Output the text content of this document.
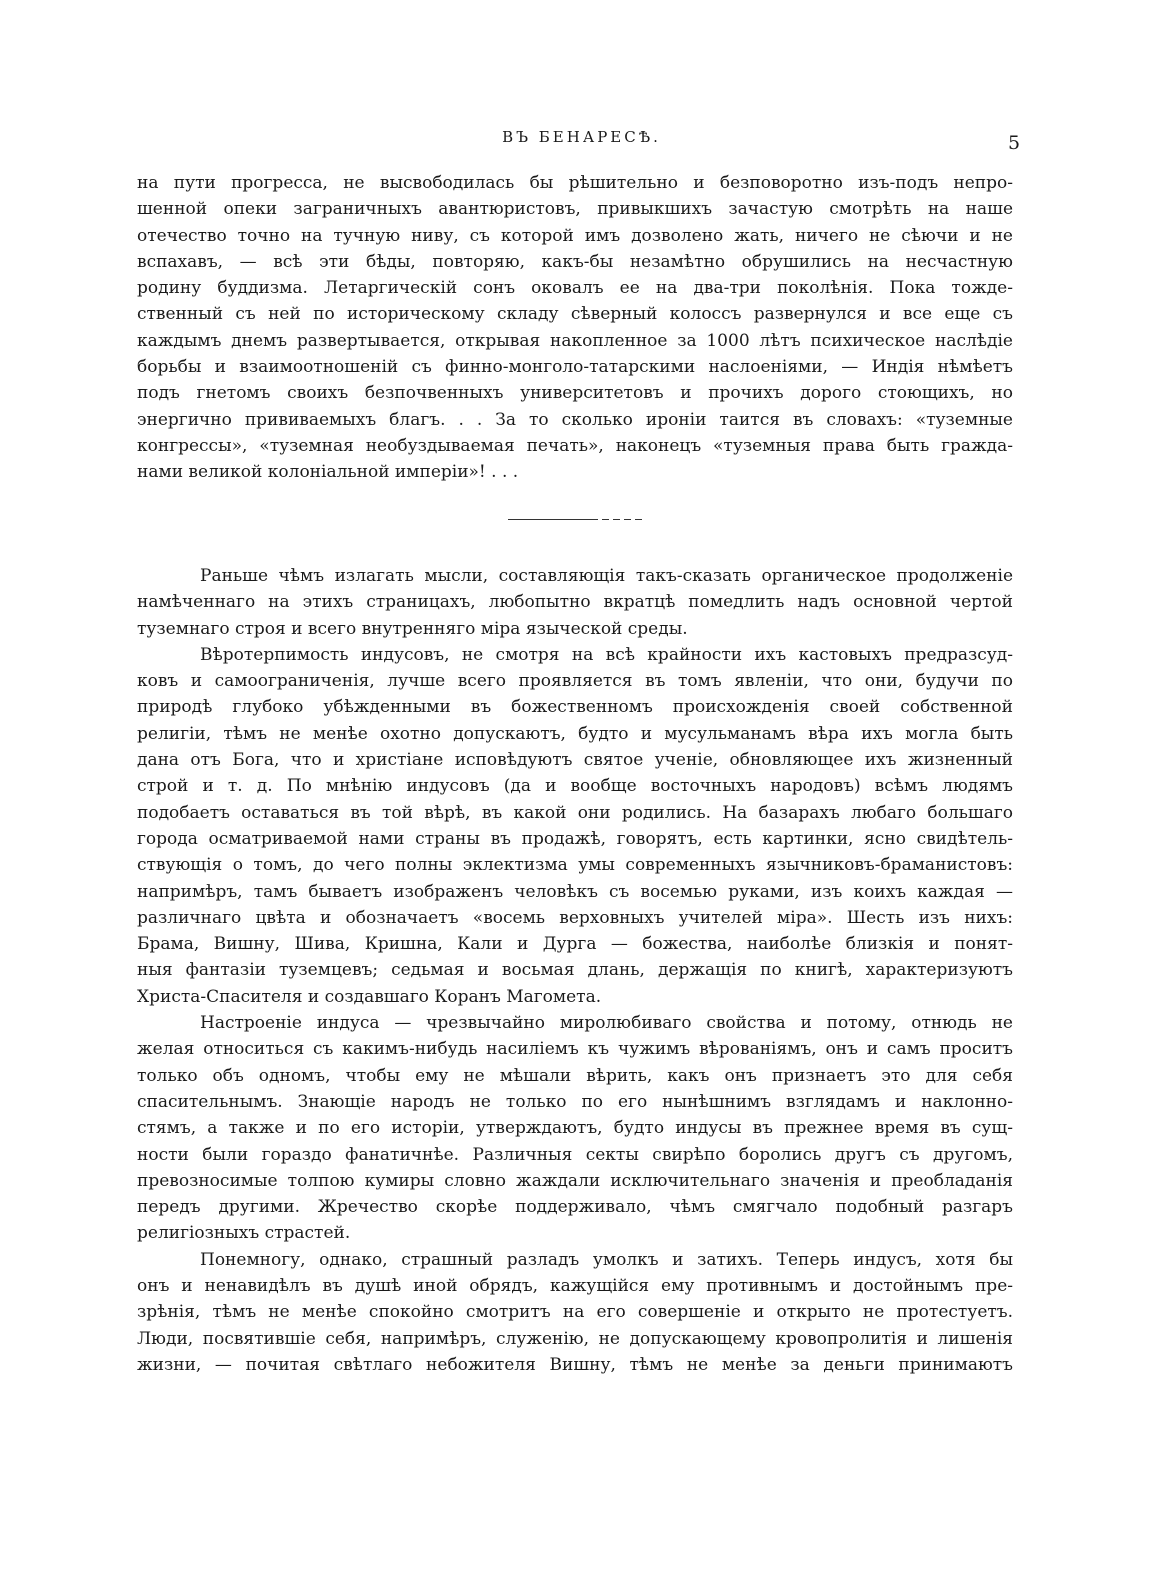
ВЪ БЕНАРЕСѢ.	5
на пути прогресса, не высвободилась бы рѣшительно и безповоротно изъ-подъ непро-
шенной опеки заграничныхъ авантюристовъ, привыкшихъ зачастую смотрѣть на наше
отечество точно на тучную ниву, съ которой имъ дозволено жать, ничего не сѣючи и не
вспахавъ, — всѣ эти бѣды, повторяю, какъ-бы незамѣтно обрушились на несчастную
родину буддизма. Летаргическій сонъ оковалъ ее на два-три поколѣнія. Пока тожде-
ственный съ ней по историческому складу сѣверный колоссъ развернулся и все еще съ
каждымъ днемъ развертывается, открывая накопленное за 1000 лѣтъ психическое наслѣдіе
борьбы и взаимоотношеній съ финно-монголо-татарскими наслоеніями, — Индія нѣмѣетъ
подъ гнетомъ своихъ безпочвенныхъ университетовъ и прочихъ дорого стоющихъ, но
энергично прививаемыхъ благъ. . . За то сколько ироніи таится въ словахъ: «туземные
конгрессы», «туземная необуздываемая печать», наконецъ «туземныя права быть гражда-
нами великой колоніальной имперіи»! . . .
Раньше чѣмъ излагать мысли, составляющія такъ-сказать органическое продолженіе
намѣченнаго на этихъ страницахъ, любопытно вкратцѣ помедлить надъ основной чертой
туземнаго строя и всего внутренняго міра языческой среды.
Вѣротерпимость индусовъ, не смотря на всѣ крайности ихъ кастовыхъ предразсуд-
ковъ и самоограниченія, лучше всего проявляется въ томъ явленіи, что они, будучи по
природѣ глубоко убѣжденными въ божественномъ происхожденія своей собственной
религіи, тѣмъ не менѣе охотно допускаютъ, будто и мусульманамъ вѣра ихъ могла быть
дана отъ Бога, что и христіане исповѣдуютъ святое ученіе, обновляющее ихъ жизненный
строй и т. д. По мнѣнію индусовъ (да и вообще восточныхъ народовъ) всѣмъ людямъ
подобаетъ оставаться въ той вѣрѣ, въ какой они родились. На базарахъ любаго большаго
города осматриваемой нами страны въ продажѣ, говорятъ, есть картинки, ясно свидѣтель-
ствующія о томъ, до чего полны эклектизма умы современныхъ язычниковъ-браманистовъ:
напримѣръ, тамъ бываетъ изображенъ человѣкъ съ восемью руками, изъ коихъ каждая —
различнаго цвѣта и обозначаетъ «восемь верховныхъ учителей міра». Шесть изъ нихъ:
Брама, Вишну, Шива, Кришна, Кали и Дурга — божества, наиболѣе близкія и понят-
ныя фантазіи туземцевъ; седьмая и восьмая длань, держащія по книгѣ, характеризуютъ
Христа-Спасителя и создавшаго Коранъ Магомета.
Настроеніе индуса — чрезвычайно миролюбиваго свойства и потому, отнюдь не
желая относиться съ какимъ-нибудь насиліемъ къ чужимъ вѣрованіямъ, онъ и самъ проситъ
только объ одномъ, чтобы ему не мѣшали вѣрить, какъ онъ признаетъ это для себя
спасительнымъ. Знающіе народъ не только по его нынѣшнимъ взглядамъ и наклонно-
стямъ, а также и по его исторіи, утверждаютъ, будто индусы въ прежнее время въ сущ-
ности были гораздо фанатичнѣе. Различныя секты свирѣпо боролись другъ съ другомъ,
превозносимые толпою кумиры словно жаждали исключительнаго значенія и преобладанія
передъ другими. Жречество скорѣе поддерживало, чѣмъ смягчало подобный разгаръ
религіозныхъ страстей.
Понемногу, однако, страшный разладъ умолкъ и затихъ. Теперь индусъ, хотя бы
онъ и ненавидѣлъ въ душѣ иной обрядъ, кажущійся ему противнымъ и достойнымъ пре-
зрѣнія, тѣмъ не менѣе спокойно смотритъ на его совершеніе и открыто не протестуетъ.
Люди, посвятившіе себя, напримѣръ, служенію, не допускающему кровопролитія и лишенія
жизни, — почитая свѣтлаго небожителя Вишну, тѣмъ не менѣе за деньги принимаютъ
